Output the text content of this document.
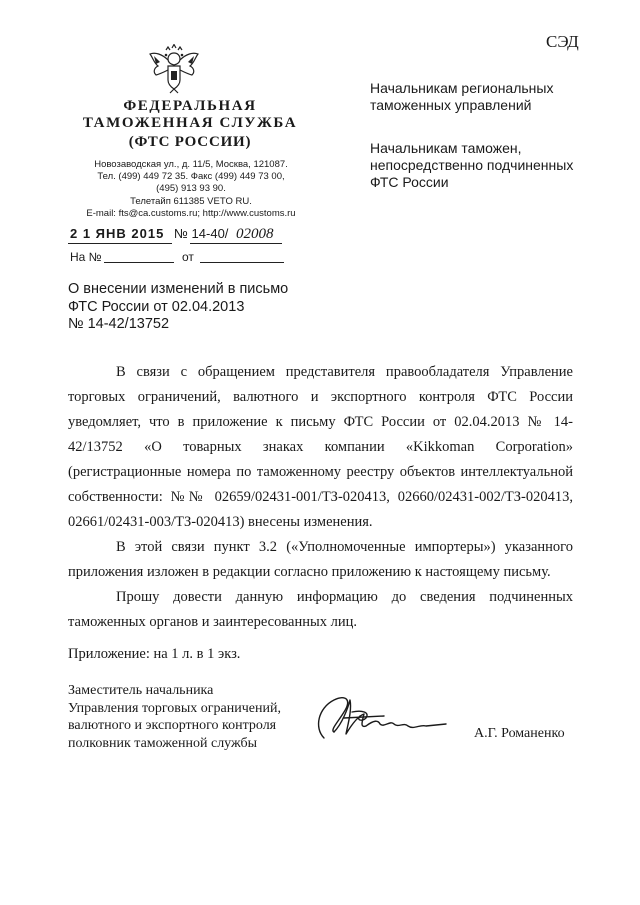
СЭД
ФЕДЕРАЛЬНАЯ
ТАМОЖЕННАЯ СЛУЖБА
(ФТС РОССИИ)
Новозаводская ул., д. 11/5, Москва, 121087.
Тел. (499) 449 72 35. Факс (499) 449 73 00,
(495) 913 93 90.
Телетайп 611385 VETO RU.
E-mail: fts@ca.customs.ru; http://www.customs.ru
2 1 ЯНВ 2015 № 14-40/ 02008
На №	от
Начальникам региональных
таможенных управлений
Начальникам таможен,
непосредственно подчиненных
ФТС России
О внесении изменений в письмо
ФТС России от 02.04.2013
№ 14-42/13752

В связи с обращением представителя правообладателя Управление торговых ограничений, валютного и экспортного контроля ФТС России уведомляет, что в приложение к письму ФТС России от 02.04.2013 № 14-42/13752 «О товарных знаках компании «Kikkoman Corporation» (регистрационные номера по таможенному реестру объектов интеллектуальной собственности: №№ 02659/02431-001/ТЗ-020413, 02660/02431-002/ТЗ-020413, 02661/02431-003/ТЗ-020413) внесены изменения.

В этой связи пункт 3.2 («Уполномоченные импортеры») указанного приложения изложен в редакции согласно приложению к настоящему письму.

Прошу довести данную информацию до сведения подчиненных таможенных органов и заинтересованных лиц.

Приложение: на 1 л. в 1 экз.
Заместитель начальника
Управления торговых ограничений,
валютного и экспортного контроля
полковник таможенной службы
А.Г. Романенко
